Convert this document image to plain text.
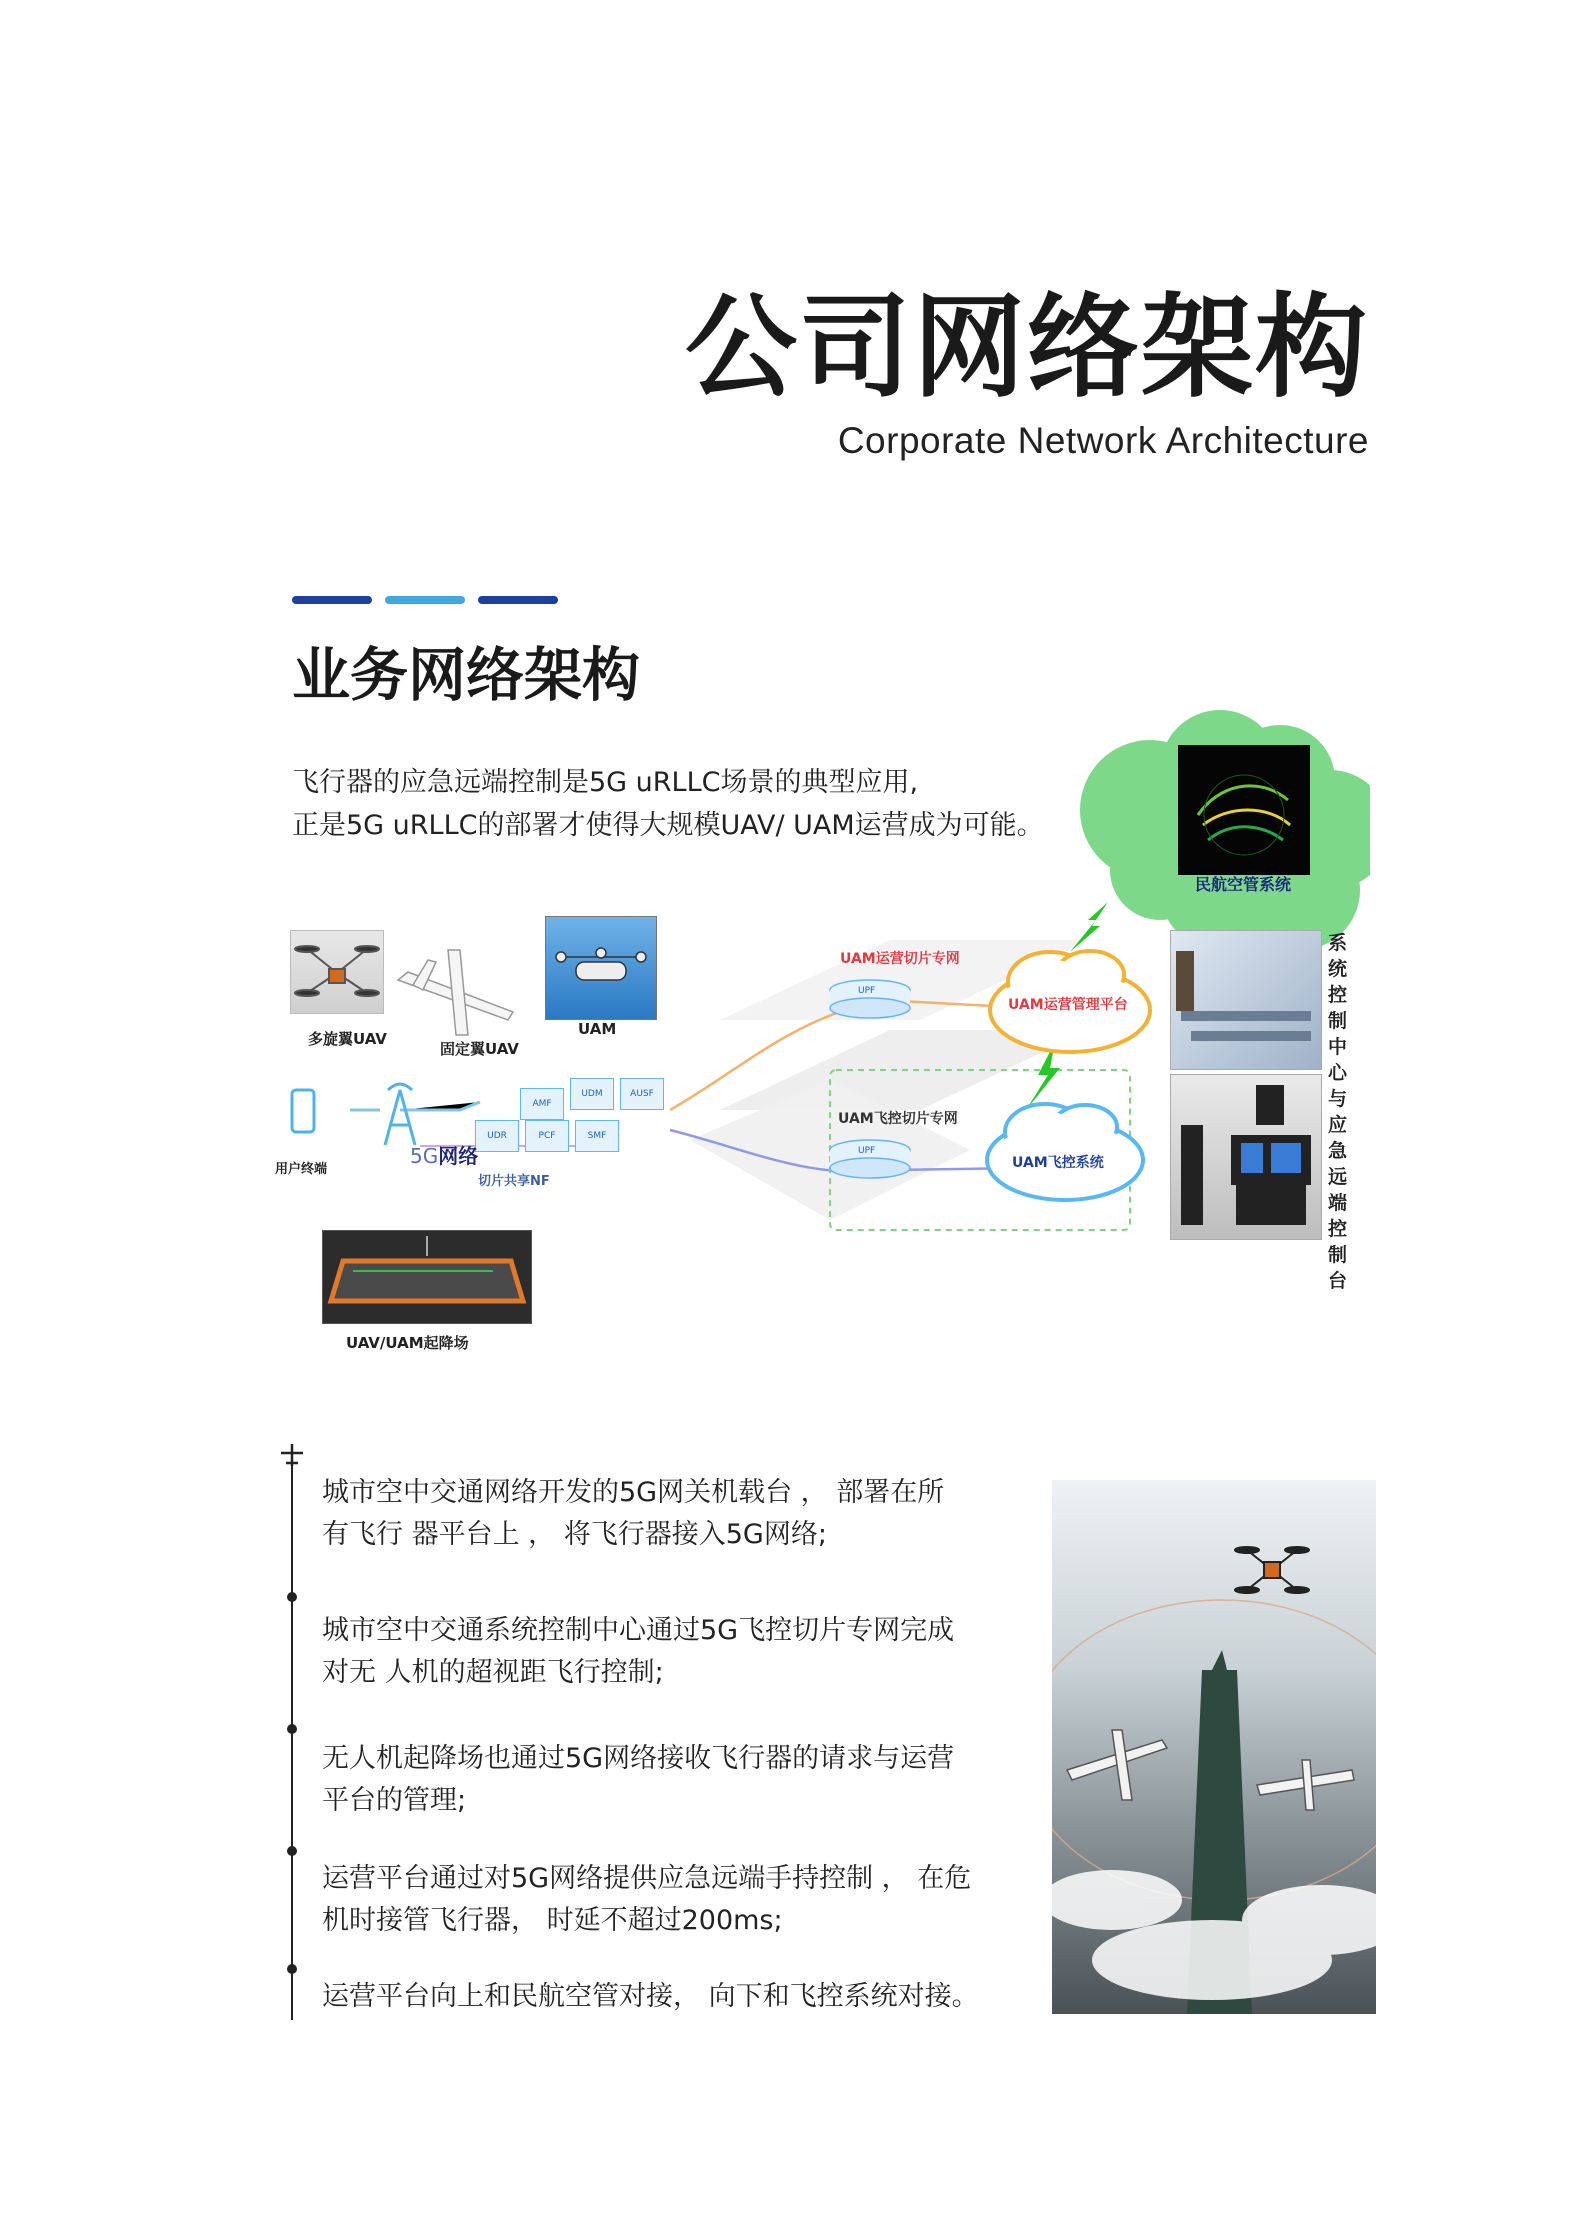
公司网络架构
Corporate Network Architecture
业务网络架构
飞行器的应急远端控制是5G uRLLC场景的典型应用,
正是5G uRLLC的部署才使得大规模UAV/ UAM运营成为可能。
多旋翼UAV
固定翼UAV
UAM
AMF
UDM	AUSF
UDR	PCF	SMF
用户终端
5G网络
切片共享NF
UAM运营切片专网
UAM飞控切片专网
UPF
UPF
UAM运营管理平台
UAM飞控系统
民航空管系统
系统控制中心与应急远端控制台
UAV/UAM起降场
城市空中交通网络开发的5G网关机载台 ， 部署在所
有飞行 器平台上 ， 将飞行器接入5G网络;
城市空中交通系统控制中心通过5G飞控切片专网完成
对无 人机的超视距飞行控制;
无人机起降场也通过5G网络接收飞行器的请求与运营
平台的管理;
运营平台通过对5G网络提供应急远端手持控制 ， 在危
机时接管飞行器， 时延不超过200ms;
运营平台向上和民航空管对接， 向下和飞控系统对接。
